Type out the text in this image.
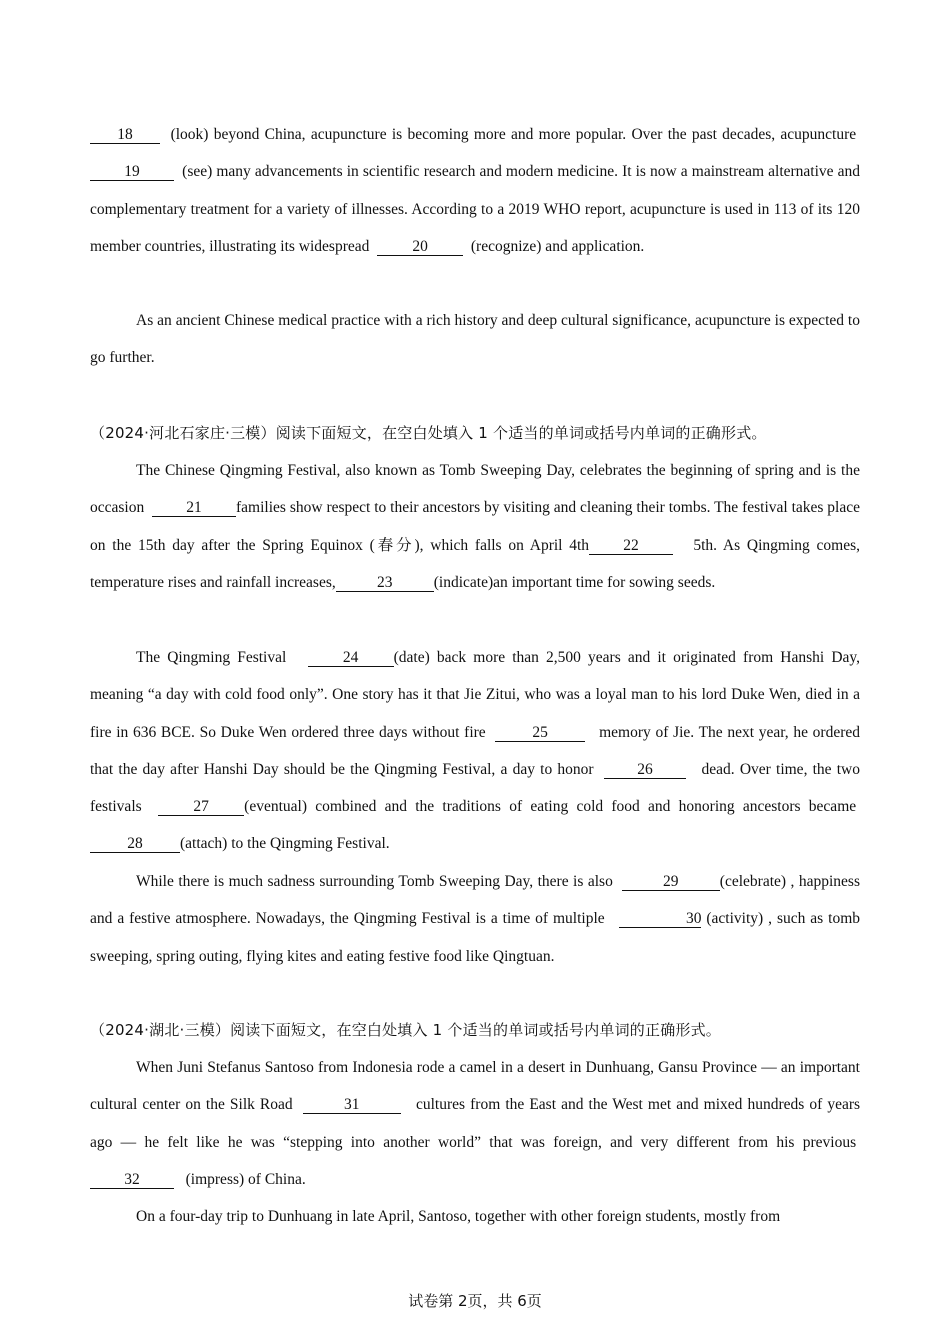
18 (look) beyond China, acupuncture is becoming more and more popular. Over the past decades, acupuncture  19	(see) many advancements in scientific research and modern medicine. It is now a mainstream alternative and complementary treatment for a variety of illnesses. According to a 2019 WHO report, acupuncture is used in 113 of its 120 member countries, illustrating its widespread	20	(recognize) and application.

As an ancient Chinese medical practice with a rich history and deep cultural significance, acupuncture is expected to go further.

（2024·河北石家庄·三模）阅读下面短文，在空白处填入 1 个适当的单词或括号内单词的正确形式。

The Chinese Qingming Festival, also known as Tomb Sweeping Day, celebrates the beginning of spring and is the occasion	21 families show respect to their ancestors by visiting and cleaning their tombs. The festival takes place on the 15th day after the Spring Equinox (春分), which falls on April 4th 22	5th. As Qingming comes, temperature rises and rainfall increases,	23	(indicate)an important time for sowing seeds.

The Qingming Festival	24 (date) back more than 2,500 years and it originated from Hanshi Day, meaning “a day with cold food only”. One story has it that Jie Zitui, who was a loyal man to his lord Duke Wen, died in a fire in 636 BCE. So Duke Wen ordered three days without fire	25	memory of Jie. The next year, he ordered that the day after Hanshi Day should be the Qingming Festival, a day to honor	26	dead. Over time, the two festivals	27 (eventual) combined and the traditions of eating cold food and honoring ancestors became  28 (attach) to the Qingming Festival.

While there is much sadness surrounding Tomb Sweeping Day, there is also	29	(celebrate) , happiness and a festive atmosphere. Nowadays, the Qingming Festival is a time of multiple	30 (activity) , such as tomb sweeping, spring outing, flying kites and eating festive food like Qingtuan.

（2024·湖北·三模）阅读下面短文，在空白处填入 1 个适当的单词或括号内单词的正确形式。

When Juni Stefanus Santoso from Indonesia rode a camel in a desert in Dunhuang, Gansu Province — an important cultural center on the Silk Road	31	cultures from the East and the West met and mixed hundreds of years ago — he felt like he was “stepping into another world” that was foreign, and very different from his previous  32	(impress) of China.

On a four-day trip to Dunhuang in late April, Santoso, together with other foreign students, mostly from

试卷第 2页，共 6页
